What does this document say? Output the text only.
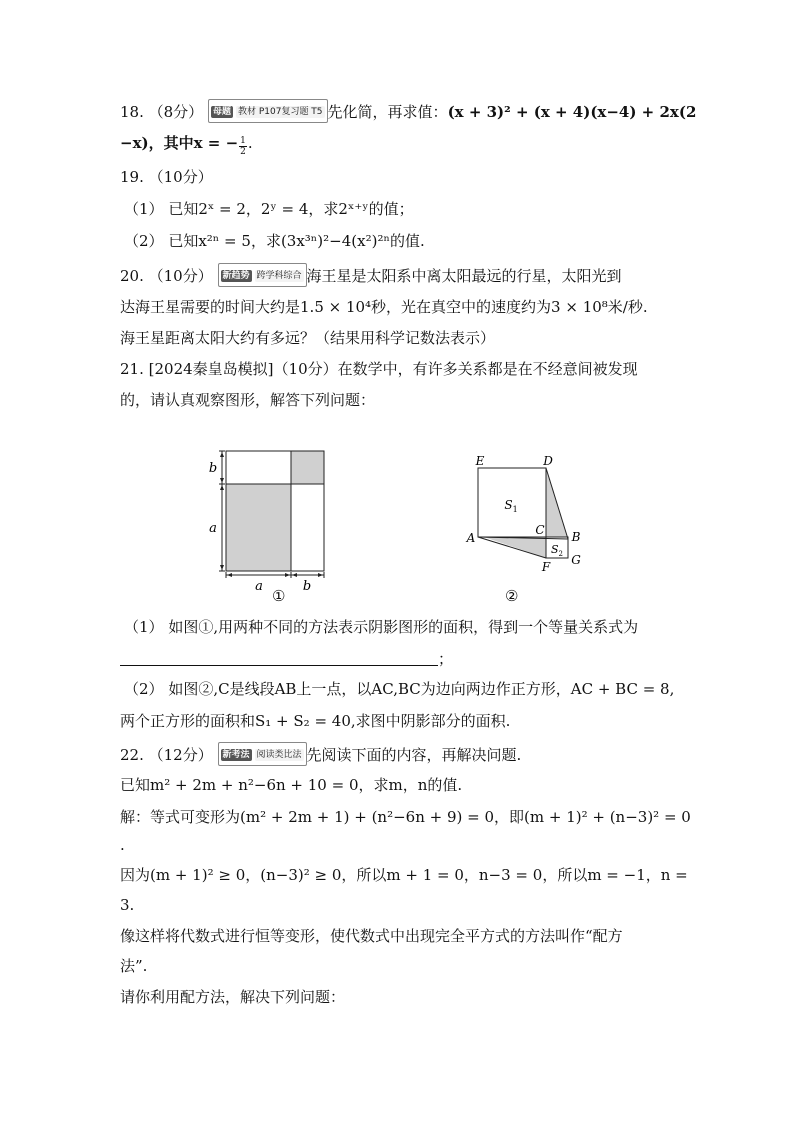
18. （8分） 母题 教材 P107复习题 T5 先化简，再求值：(x + 3)² + (x + 4)(x−4) + 2x(2
−x)，其中x = − $\frac{1}{2}$ .
19. （10分）
（1） 已知2ˣ = 2，2ʸ = 4，求2ˣ⁺ʸ的值；
（2） 已知x²ⁿ = 5，求(3x³ⁿ)²−4(x²)²ⁿ的值.
20. （10分） 新趋势 跨学科综合 海王星是太阳系中离太阳最远的行星，太阳光到
达海王星需要的时间大约是1.5 × 10⁴秒，光在真空中的速度约为3 × 10⁸米/秒.
海王星距离太阳大约有多远？（结果用科学记数法表示）
21. [2024秦皇岛模拟]（10分）在数学中，有许多关系都是在不经意间被发现
的，请认真观察图形，解答下列问题：
b
a
a	b
①
E	D
$S_1$
C B
A
$S_2$
F G
②
（1） 如图①,用两种不同的方法表示阴影图形的面积，得到一个等量关系式为
；
（2） 如图②,C是线段AB上一点，以AC,BC为边向两边作正方形，AC + BC = 8,
两个正方形的面积和S₁ + S₂ = 40,求图中阴影部分的面积.
22. （12分） 新考法 阅读类比法 先阅读下面的内容，再解决问题.
已知m² + 2m + n²−6n + 10 = 0，求m，n的值.
解：等式可变形为(m² + 2m + 1) + (n²−6n + 9) = 0，即(m + 1)² + (n−3)² = 0
.
因为(m + 1)² ≥ 0，(n−3)² ≥ 0，所以m + 1 = 0，n−3 = 0，所以m = −1，n =
3.
像这样将代数式进行恒等变形，使代数式中出现完全平方式的方法叫作“配方
法”.
请你利用配方法，解决下列问题：
